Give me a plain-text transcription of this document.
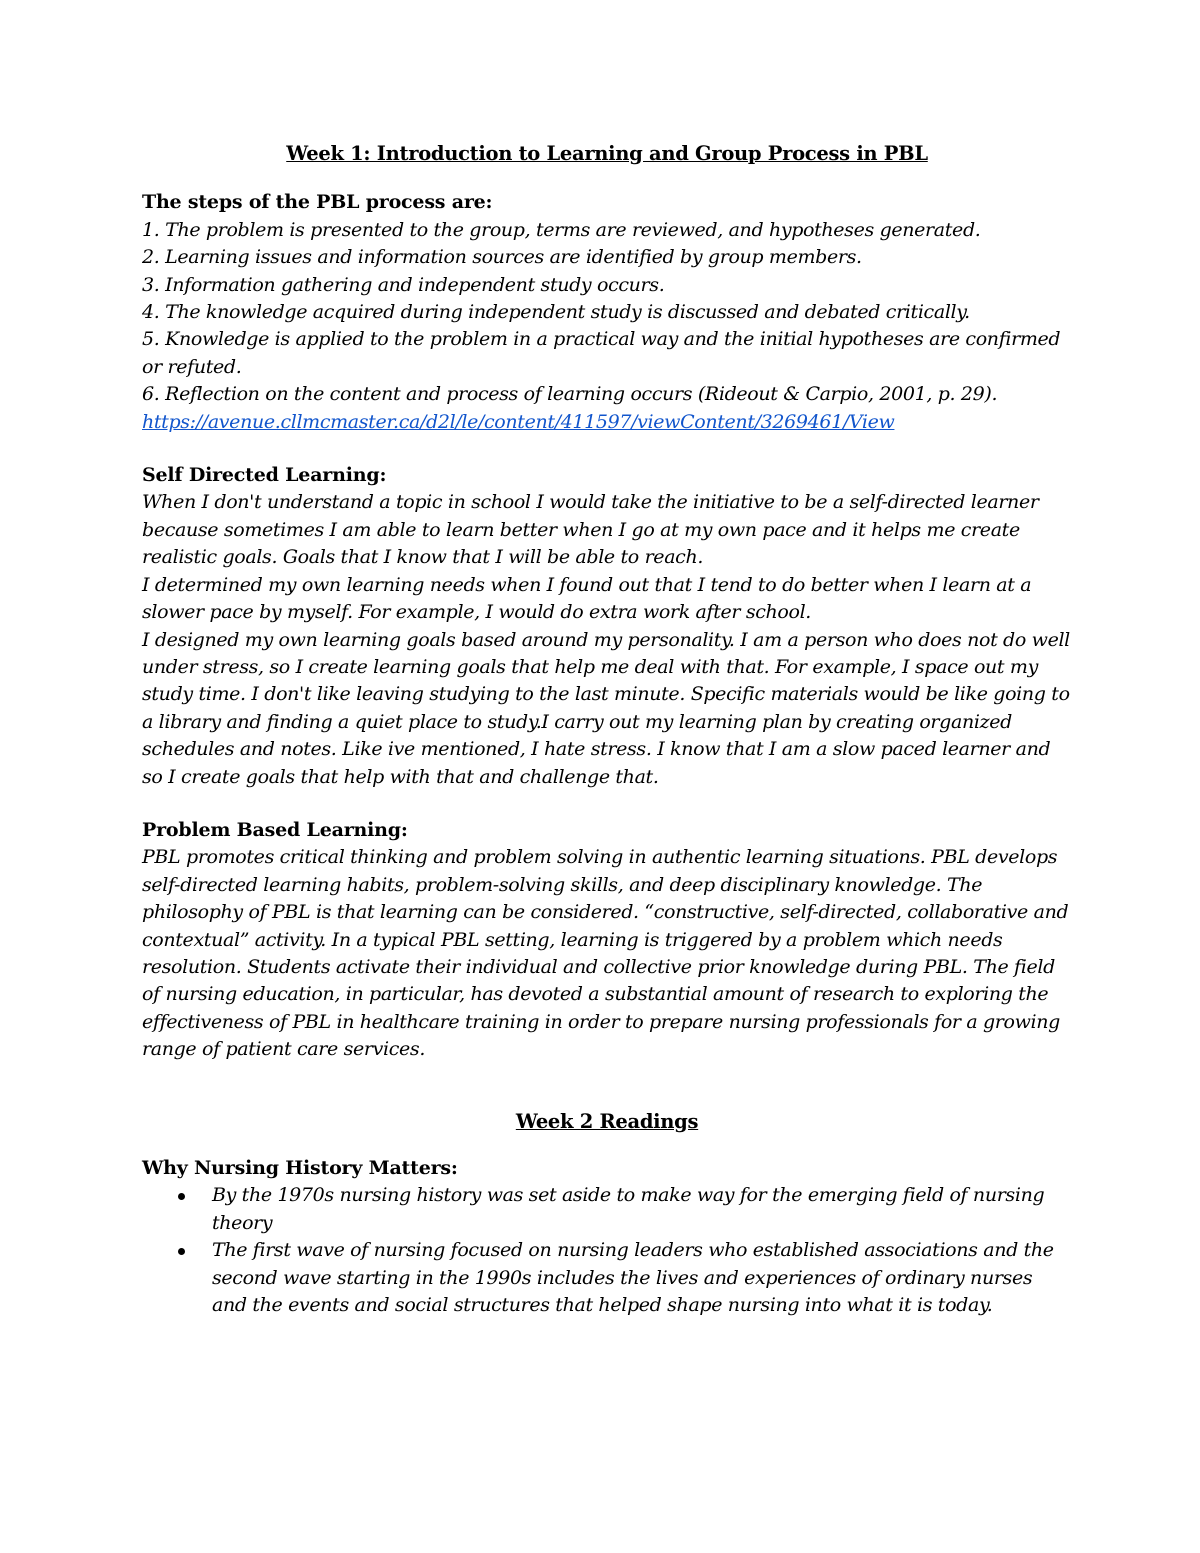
Week 1: Introduction to Learning and Group Process in PBL

The steps of the PBL process are:

1. The problem is presented to the group, terms are reviewed, and hypotheses generated.

2. Learning issues and information sources are identified by group members.

3. Information gathering and independent study occurs.

4. The knowledge acquired during independent study is discussed and debated critically.

5. Knowledge is applied to the problem in a practical way and the initial hypotheses are confirmed or refuted.

6. Reflection on the content and process of learning occurs (Rideout & Carpio, 2001, p. 29).

https://avenue.cllmcmaster.ca/d2l/le/content/411597/viewContent/3269461/View

Self Directed Learning:

When I don't understand a topic in school I would take the initiative to be a self-directed learner because sometimes I am able to learn better when I go at my own pace and it helps me create realistic goals. Goals that I know that I will be able to reach.

I determined my own learning needs when I found out that I tend to do better when I learn at a slower pace by myself. For example, I would do extra work after school.

I designed my own learning goals based around my personality. I am a person who does not do well under stress, so I create learning goals that help me deal with that. For example, I space out my study time. I don't like leaving studying to the last minute. Specific materials would be like going to a library and finding a quiet place to study.I carry out my learning plan by creating organized schedules and notes. Like ive mentioned, I hate stress. I know that I am a slow paced learner and so I create goals that help with that and challenge that.

Problem Based Learning:

PBL promotes critical thinking and problem solving in authentic learning situations. PBL develops self-directed learning habits, problem-solving skills, and deep disciplinary knowledge. The philosophy of PBL is that learning can be considered. “constructive, self-directed, collaborative and contextual” activity. In a typical PBL setting, learning is triggered by a problem which needs resolution. Students activate their individual and collective prior knowledge during PBL. The field of nursing education, in particular, has devoted a substantial amount of research to exploring the effectiveness of PBL in healthcare training in order to prepare nursing professionals for a growing range of patient care services.

Week 2 Readings

Why Nursing History Matters:

By the 1970s nursing history was set aside to make way for the emerging field of nursing theory
The first wave of nursing focused on nursing leaders who established associations and the second wave starting in the 1990s includes the lives and experiences of ordinary nurses and the events and social structures that helped shape nursing into what it is today.
